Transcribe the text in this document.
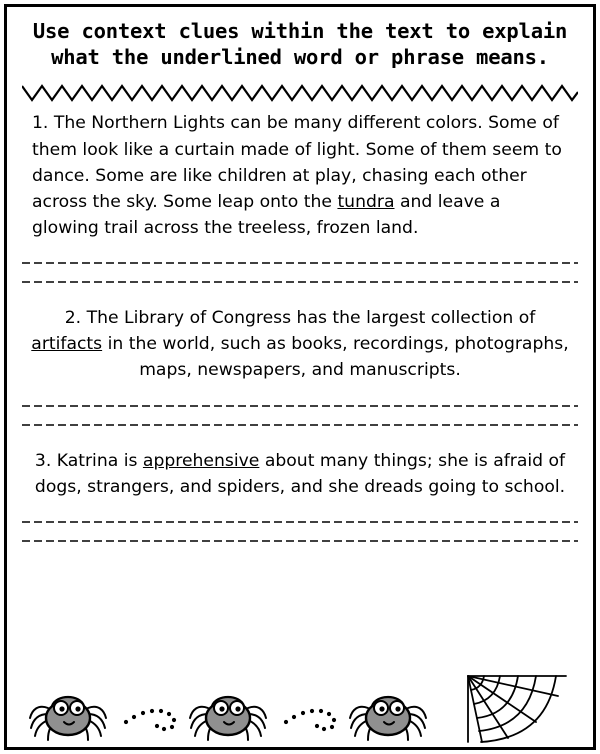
Use context clues within the text to explain what the underlined word or phrase means.
1. The Northern Lights can be many different colors. Some of them look like a curtain made of light. Some of them seem to dance. Some are like children at play, chasing each other across the sky. Some leap onto the tundra and leave a glowing trail across the treeless, frozen land.
2. The Library of Congress has the largest collection of artifacts in the world, such as books, recordings, photographs, maps, newspapers, and manuscripts.
3. Katrina is apprehensive about many things; she is afraid of dogs, strangers, and spiders, and she dreads going to school.
